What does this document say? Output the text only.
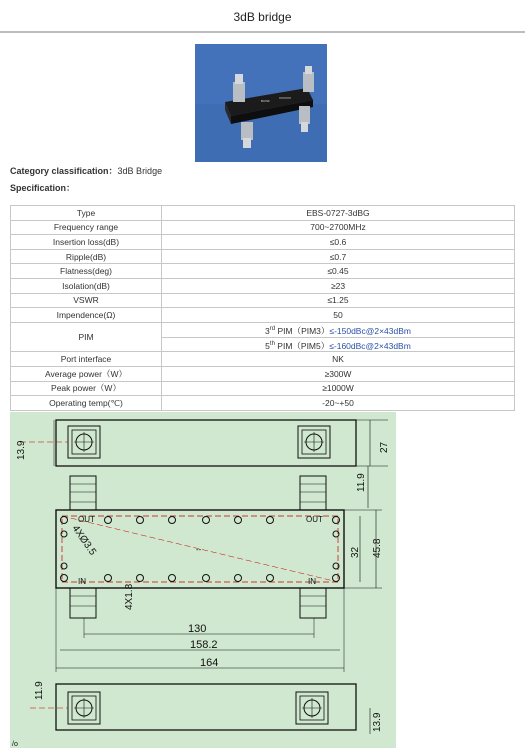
3dB bridge
BCISF
XXXXXX
Category classification：3dB Bridge
Specification：
Type	EBS-0727-3dBG
Frequency range	700~2700MHz
Insertion loss(dB)	≤0.6
Ripple(dB)	≤0.7
Flatness(deg)	≤0.45
Isolation(dB)	≥23
VSWR	≤1.25
Impendence(Ω)	50
PIM	3rd PIM（PIM3）≤-150dBc@2×43dBm
	5th PIM（PIM5）≤-160dBc@2×43dBm
Port interface	NK
Average power（W）	≥300W
Peak power（W）	≥1000W
Operating temp(℃)	-20~+50
13.9	27
OUT	OUT
IN	IN
--
4XØ3.5
4X1.8
11.9
32 45.8
130
158.2
164
11.9
13.9
/o
